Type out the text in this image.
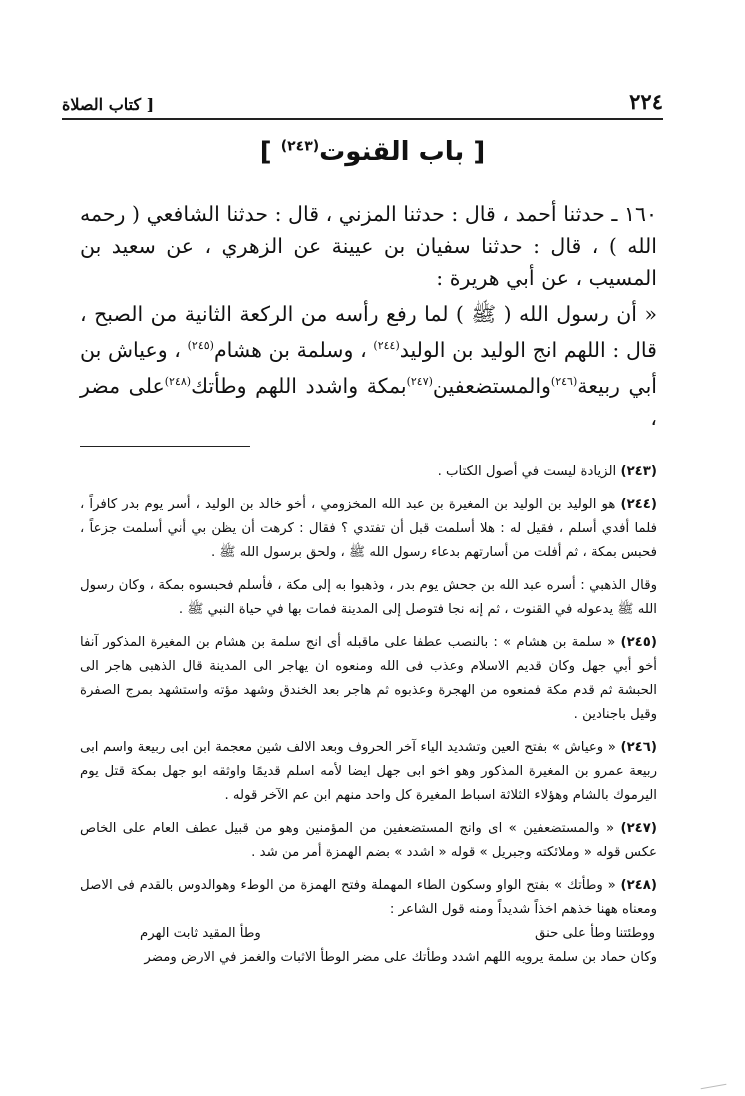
٢٢٤
[ كتاب الصلاة
[ باب القنوت$^{(٢٤٣)}$ ]

١٦٠ ـ حدثنا أحمد ، قال : حدثنا المزني ، قال : حدثنا الشافعي ( رحمه الله ) ، قال : حدثنا سفيان بن عيينة عن الزهري ، عن سعيد بن المسيب ، عن أبي هريرة :

« أن رسول الله ( ﷺ ) لما رفع رأسه من الركعة الثانية من الصبح ، قال : اللهم انج الوليد بن الوليد$^{(٢٤٤)}$ ، وسلمة بن هشام$^{(٢٤٥)}$ ، وعياش بن أبي ربيعة$^{(٢٤٦)}$والمستضعفين$^{(٢٤٧)}$بمكة واشدد اللهم وطأتك$^{(٢٤٨)}$على مضر ،

(٢٤٣) الزيادة ليست في أصول الكتاب .

(٢٤٤) هو الوليد بن الوليد بن المغيرة بن عبد الله المخزومي ، أخو خالد بن الوليد ، أسر يوم بدر كافراً ، فلما أفدي أسلم ، فقيل له : هلا أسلمت قبل أن تفتدي ؟ فقال : كرهت أن يظن بي أني أسلمت جزعاً ، فحبس بمكة ، ثم أفلت من أسارتهم بدعاء رسول الله ﷺ ، ولحق برسول الله ﷺ .

وقال الذهبي : أسره عبد الله بن جحش يوم بدر ، وذهبوا به إلى مكة ، فأسلم فحبسوه بمكة ، وكان رسول الله ﷺ يدعوله في القنوت ، ثم إنه نجا فتوصل إلى المدينة فمات بها في حياة النبي ﷺ .

(٢٤٥) « سلمة بن هشام » : بالنصب عطفا على ماقبله أى انج سلمة بن هشام بن المغيرة المذكور آنفا أخو أبي جهل وكان قديم الاسلام وعذب فى الله ومنعوه ان يهاجر الى المدينة قال الذهبى هاجر الى الحبشة ثم قدم مكة فمنعوه من الهجرة وعذبوه ثم هاجر بعد الخندق وشهد مؤته واستشهد بمرج الصفرة وقيل باجنادين .

(٢٤٦) « وعياش » بفتح العين وتشديد الياء آخر الحروف وبعد الالف شين معجمة ابن ابى ربيعة واسم ابى ربيعة عمرو بن المغيرة المذكور وهو اخو ابى جهل ايضا لأمه اسلم قديمًا واوثقه ابو جهل بمكة قتل يوم اليرموك بالشام وهؤلاء الثلاثة اسباط المغيرة كل واحد منهم ابن عم الآخر قوله .

(٢٤٧) « والمستضعفين » اى وانج المستضعفين من المؤمنين وهو من قبيل عطف العام على الخاص عكس قوله « وملائكته وجبريل » قوله « اشدد » بضم الهمزة أمر من شد .

(٢٤٨) « وطأتك » بفتح الواو وسكون الطاء المهملة وفتح الهمزة من الوطء وهوالدوس بالقدم فى الاصل ومعناه ههنا خذهم اخذاً شديداً ومنه قول الشاعر :
ووطئتنا وطأ على حنق
وطأ المقيد ثابت الهرم
وكان حماد بن سلمة يرويه اللهم اشدد وطأتك على مضر الوطأ الاثبات والغمز في الارض ومضر
